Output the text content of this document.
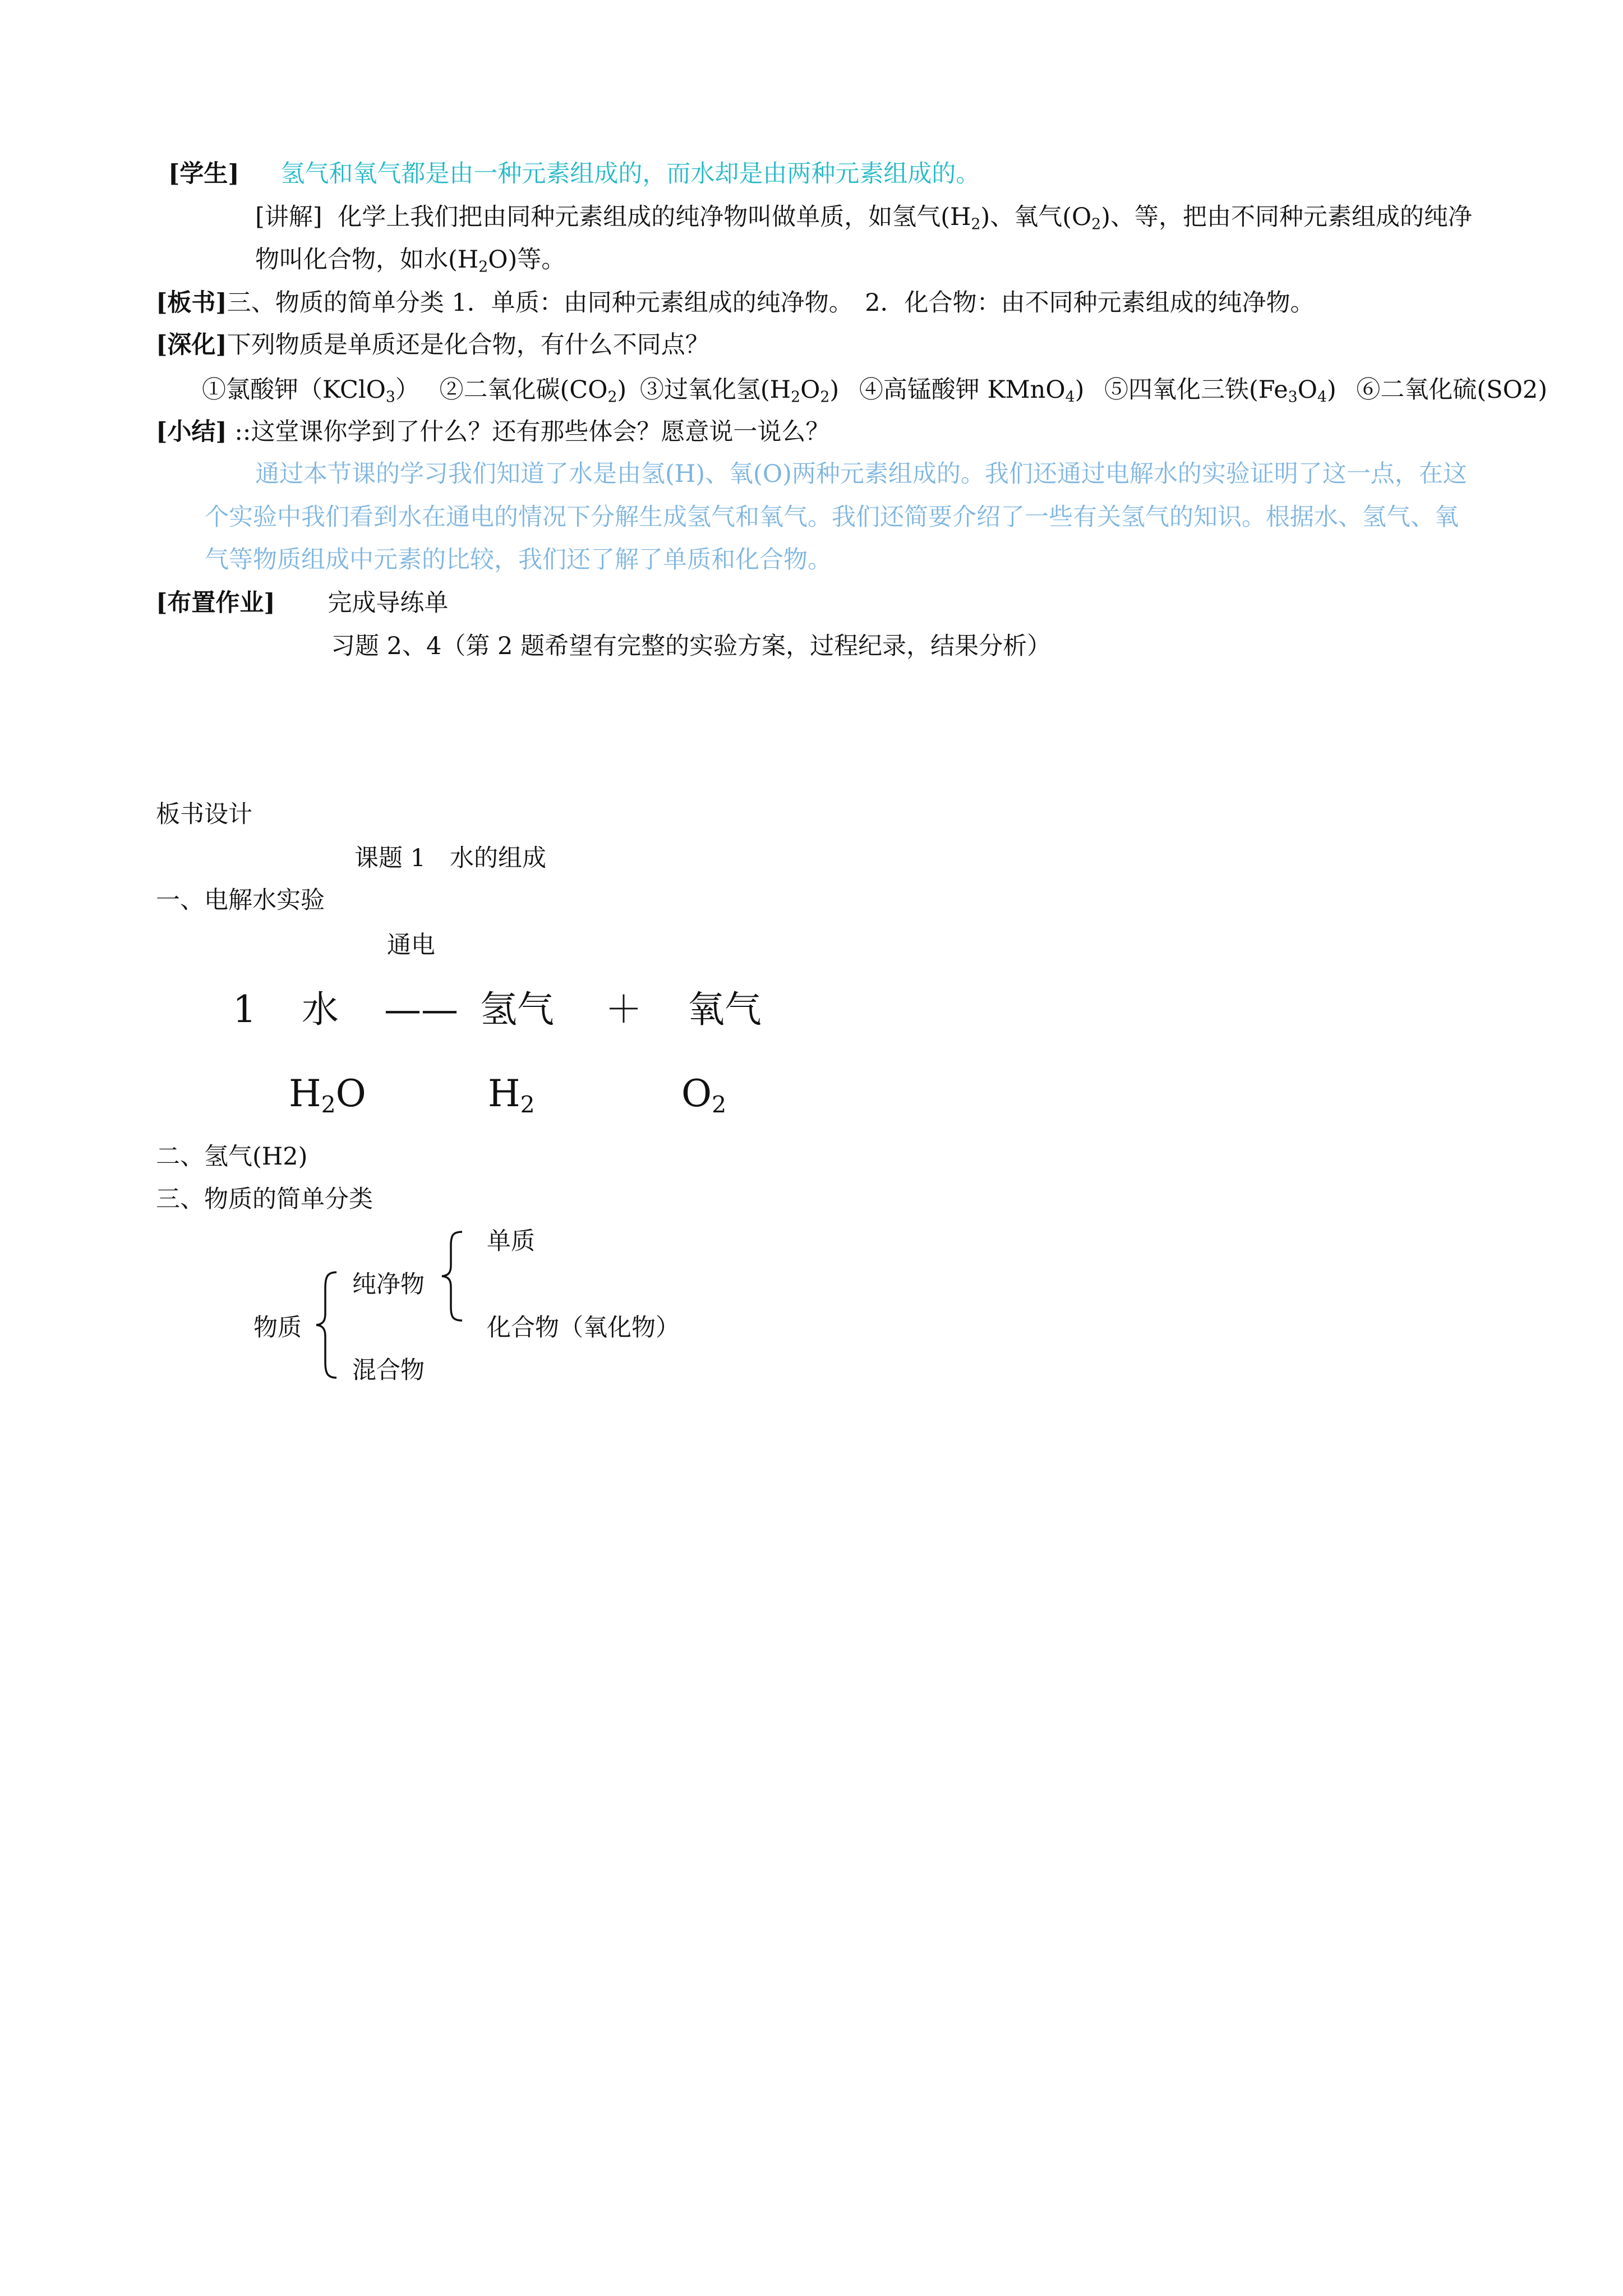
[学生] 氢气和氧气都是由一种元素组成的，而水却是由两种元素组成的。
[讲解] 化学上我们把由同种元素组成的纯净物叫做单质，如氢气$(H_2)$、氧气$(O_2)$、等，把由不同种元素组成的纯净
物叫化合物，如水$(H_2O)$等。
[板书]三、物质的简单分类 1．单质：由同种元素组成的纯净物。　2．化合物：由不同种元素组成的纯净物。
[深化]下列物质是单质还是化合物，有什么不同点？
①氯酸钾（KClO$_3$） ②二氧化碳$(CO_2)$ ③过氧化氢$(H_2O_2)$ ④高锰酸钾 KMnO$_4$) ⑤四氧化三铁$(Fe_3O_4)$ ⑥二氧化硫(SO2)
[小结] ::这堂课你学到了什么？还有那些体会？愿意说一说么？
通过本节课的学习我们知道了水是由氢(H)、氧(O)两种元素组成的。我们还通过电解水的实验证明了这一点，在这
个实验中我们看到水在通电的情况下分解生成氢气和氧气。我们还简要介绍了一些有关氢气的知识。根据水、氢气、氧
气等物质组成中元素的比较，我们还了解了单质和化合物。
[布置作业] 完成导练单
习题 2、4（第 2 题希望有完整的实验方案，过程纪录，结果分析）
板书设计
课题 1　水的组成
一、电解水实验
通电
1 水 —— 氢气 ＋ 氧气
$H_2O$	$H_2$	$O_2$
二、氢气(H2)
三、物质的简单分类
单质
纯净物
物质	化合物（氧化物）
混合物
